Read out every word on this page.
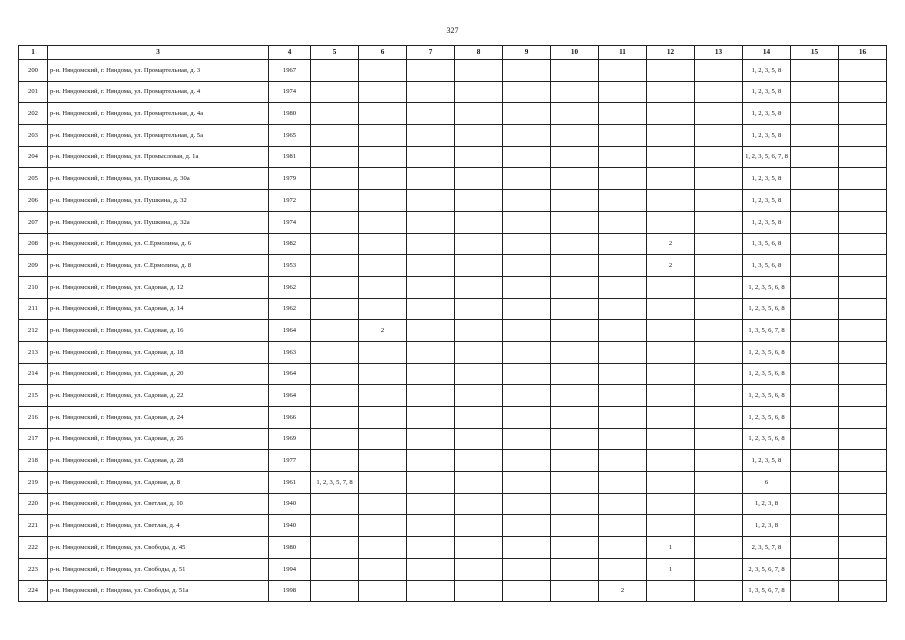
327
1	3	4	5	6	7	8	9	10	11	12	13	14	15	16
200	р-н. Няндомский, г. Няндома, ул. Промартельная, д. 3	1967										1, 2, 3, 5, 8		
201	р-н. Няндомский, г. Няндома, ул. Промартельная, д. 4	1974										1, 2, 3, 5, 8		
202	р-н. Няндомский, г. Няндома, ул. Промартельная, д. 4а	1980										1, 2, 3, 5, 8		
203	р-н. Няндомский, г. Няндома, ул. Промартельная, д. 5а	1965										1, 2, 3, 5, 8		
204	р-н. Няндомский, г. Няндома, ул. Промысловая, д. 1а	1981										1, 2, 3, 5, 6, 7, 8		
205	р-н. Няндомский, г. Няндома, ул. Пушкина, д. 30а	1979										1, 2, 3, 5, 8		
206	р-н. Няндомский, г. Няндома, ул. Пушкина, д. 32	1972										1, 2, 3, 5, 8		
207	р-н. Няндомский, г. Няндома, ул. Пушкина, д. 32а	1974										1, 2, 3, 5, 8		
208	р-н. Няндомский, г. Няндома, ул. С.Ермолина, д. 6	1982								2		1, 3, 5, 6, 8		
209	р-н. Няндомский, г. Няндома, ул. С.Ермолина, д. 8	1953								2		1, 3, 5, 6, 8		
210	р-н. Няндомский, г. Няндома, ул. Садовая, д. 12	1962										1, 2, 3, 5, 6, 8		
211	р-н. Няндомский, г. Няндома, ул. Садовая, д. 14	1962										1, 2, 3, 5, 6, 8		
212	р-н. Няндомский, г. Няндома, ул. Садовая, д. 16	1964		2								1, 3, 5, 6, 7, 8		
213	р-н. Няндомский, г. Няндома, ул. Садовая, д. 18	1963										1, 2, 3, 5, 6, 8		
214	р-н. Няндомский, г. Няндома, ул. Садовая, д. 20	1964										1, 2, 3, 5, 6, 8		
215	р-н. Няндомский, г. Няндома, ул. Садовая, д. 22	1964										1, 2, 3, 5, 6, 8		
216	р-н. Няндомский, г. Няндома, ул. Садовая, д. 24	1966										1, 2, 3, 5, 6, 8		
217	р-н. Няндомский, г. Няндома, ул. Садовая, д. 26	1969										1, 2, 3, 5, 6, 8		
218	р-н. Няндомский, г. Няндома, ул. Садовая, д. 28	1977										1, 2, 3, 5, 8		
219	р-н. Няндомский, г. Няндома, ул. Садовая, д. 8	1961	1, 2, 3, 5, 7, 8									6		
220	р-н. Няндомский, г. Няндома, ул. Светлая, д. 10	1940										1, 2, 3, 8		
221	р-н. Няндомский, г. Няндома, ул. Светлая, д. 4	1940										1, 2, 3, 8		
222	р-н. Няндомский, г. Няндома, ул. Свободы, д. 45	1980								1		2, 3, 5, 7, 8		
223	р-н. Няндомский, г. Няндома, ул. Свободы, д. 51	1994								1		2, 3, 5, 6, 7, 8		
224	р-н. Няндомский, г. Няндома, ул. Свободы, д. 51а	1998							2			1, 3, 5, 6, 7, 8		
